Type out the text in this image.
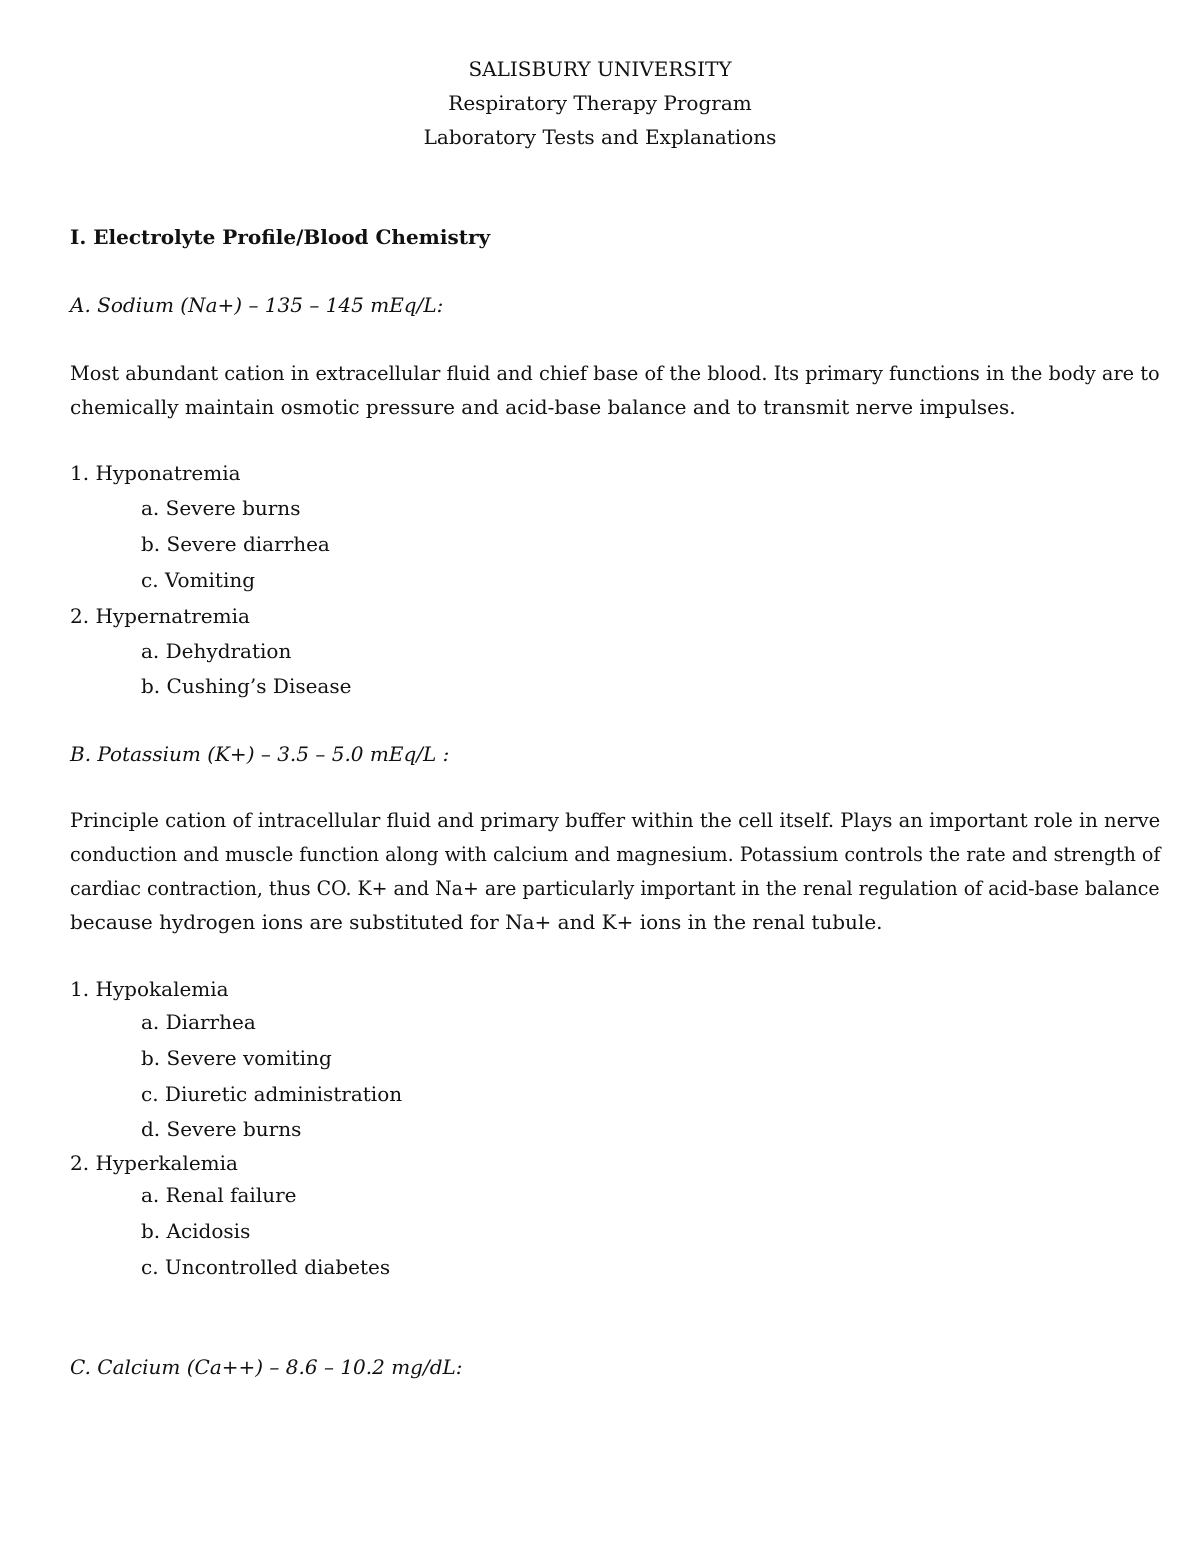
SALISBURY UNIVERSITY
Respiratory Therapy Program
Laboratory Tests and Explanations
I. Electrolyte Profile/Blood Chemistry
A. Sodium (Na+) – 135 – 145 mEq/L:
Most abundant cation in extracellular fluid and chief base of the blood. Its primary functions in the body are to
chemically maintain osmotic pressure and acid-base balance and to transmit nerve impulses.
1. Hyponatremia
a. Severe burns
b. Severe diarrhea
c. Vomiting
2. Hypernatremia
a. Dehydration
b. Cushing’s Disease
B. Potassium (K+) – 3.5 – 5.0 mEq/L :
Principle cation of intracellular fluid and primary buffer within the cell itself. Plays an important role in nerve
conduction and muscle function along with calcium and magnesium. Potassium controls the rate and strength of
cardiac contraction, thus CO. K+ and Na+ are particularly important in the renal regulation of acid-base balance
because hydrogen ions are substituted for Na+ and K+ ions in the renal tubule.
1. Hypokalemia
a. Diarrhea
b. Severe vomiting
c. Diuretic administration
d. Severe burns
2. Hyperkalemia
a. Renal failure
b. Acidosis
c. Uncontrolled diabetes
C. Calcium (Ca++) – 8.6 – 10.2 mg/dL:
